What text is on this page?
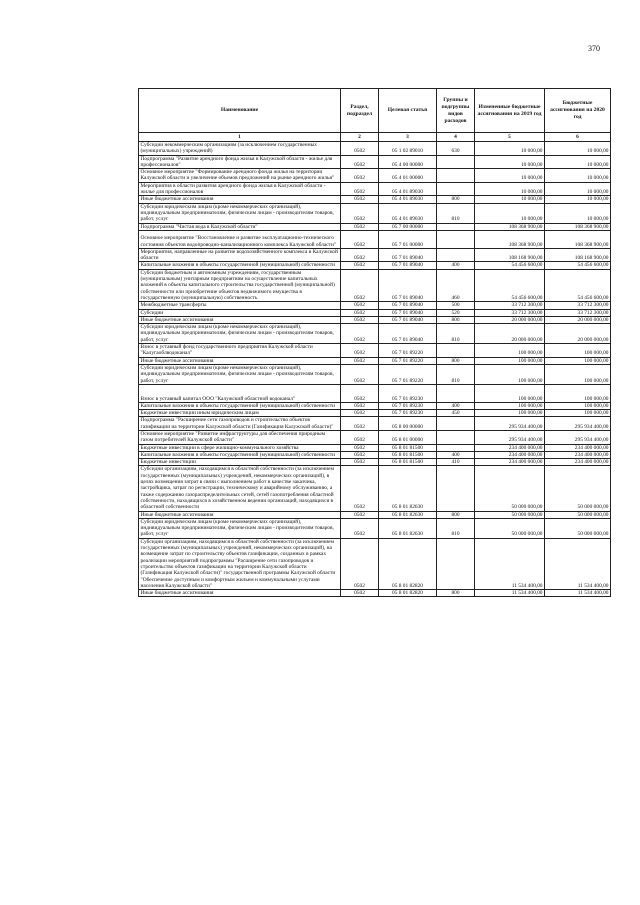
370
Наименование	Раздел, подраздел	Целевая статья	Группы и подгруппы видов расходов	Измененные бюджетные ассигнования на 2019 год	Бюджетные ассигнования на 2020 год
1	2	3	4	5	6
Субсидии некоммерческим организациям (за исключением государственных (муниципальных) учреждений)	0502	05 1 02 89010	630	10 000,00	10 000,00
Подпрограмма "Развитие арендного фонда жилья в Калужской области - жилье для профессионалов"	0502	05 4 00 00000		10 000,00	10 000,00
Основное мероприятие "Формирование арендного фонда жилья на территории Калужской области и увеличение объемов предложений на рынке арендного жилья"	0502	05 4 01 00000		10 000,00	10 000,00
Мероприятия в области развития арендного фонда жилья в Калужской области - жилье для профессионалов	0502	05 4 01 89030		10 000,00	10 000,00
Иные бюджетные ассигнования	0502	05 4 01 89030	800	10 000,00	10 000,00
Субсидии юридическим лицам (кроме некоммерческих организаций), индивидуальным предпринимателям, физическим лицам - производителям товаров, работ, услуг	0502	05 4 01 89030	810	10 000,00	10 000,00
Подпрограмма "Чистая вода в Калужской области"	0502	05 7 00 00000		108 368 900,00	108 368 900,00
Основное мероприятие "Восстановление и развитие эксплуатационно-технического состояния объектов водопроводно-канализационного комплекса Калужской области"	0502	05 7 01 00000		108 368 900,00	108 368 900,00
Мероприятия, направленные на развитие водохозяйственного комплекса в Калужской области	0502	05 7 01 89040		108 168 900,00	108 168 900,00
Капитальные вложения в объекты государственной (муниципальной) собственности	0502	05 7 01 89040	400	54 456 600,00	54 456 600,00
Субсидии бюджетным и автономным учреждениям, государственным (муниципальным) унитарным предприятиям на осуществление капитальных вложений в объекты капитального строительства государственной (муниципальной) собственности или приобретение объектов недвижимого имущества в государственную (муниципальную) собственность	0502	05 7 01 89040	460	54 456 600,00	54 456 600,00
Межбюджетные трансферты	0502	05 7 01 89040	500	33 712 300,00	33 712 300,00
Субсидии	0502	05 7 01 89040	520	33 712 300,00	33 712 300,00
Иные бюджетные ассигнования	0502	05 7 01 89040	800	20 000 000,00	20 000 000,00
Субсидии юридическим лицам (кроме некоммерческих организаций), индивидуальным предпринимателям, физическим лицам - производителям товаров, работ, услуг	0502	05 7 01 89040	810	20 000 000,00	20 000 000,00
Взнос в уставный фонд государственного предприятия Калужской области "Калугаоблводоканал"	0502	05 7 01 89220		100 000,00	100 000,00
Иные бюджетные ассигнования	0502	05 7 01 89220	800	100 000,00	100 000,00
Субсидии юридическим лицам (кроме некоммерческих организаций), индивидуальным предпринимателям, физическим лицам - производителям товаров, работ, услуг	0502	05 7 01 89220	810	100 000,00	100 000,00
Взнос в уставный капитал ООО "Калужский областной водоканал"	0502	05 7 01 89230		100 000,00	100 000,00
Капитальные вложения в объекты государственной (муниципальной) собственности	0502	05 7 01 89230	400	100 000,00	100 000,00
Бюджетные инвестиции иным юридическим лицам	0502	05 7 01 89230	450	100 000,00	100 000,00
Подпрограмма "Расширение сети газопроводов и строительство объектов газификации на территории Калужской области (Газификация Калужской области)"	0502	05 8 00 00000		295 934 400,00	295 934 400,00
Основное мероприятие "Развитие инфраструктуры для обеспечения природным газом потребителей Калужской области"	0502	05 8 01 00000		295 934 400,00	295 934 400,00
Бюджетные инвестиции в сфере жилищно-коммунального хозяйства	0502	05 8 01 81500		234 400 000,00	234 400 000,00
Капитальные вложения в объекты государственной (муниципальной) собственности	0502	05 8 01 81500	400	234 400 000,00	234 400 000,00
Бюджетные инвестиции	0502	05 8 01 81500	410	234 400 000,00	234 400 000,00
Субсидии организациям, находящимся в областной собственности (за исключением государственных (муниципальных) учреждений, некоммерческих организаций), в целях возмещения затрат в связи с выполнением работ в качестве заказчика, застройщика, затрат по регистрации, техническому и аварийному обслуживанию, а также содержанию газораспределительных сетей, сетей газопотребления областной собственности, находящихся в хозяйственном ведении организаций, находящихся в областной собственности	0502	05 8 01 82630		50 000 000,00	50 000 000,00
Иные бюджетные ассигнования	0502	05 8 01 82630	800	50 000 000,00	50 000 000,00
Субсидии юридическим лицам (кроме некоммерческих организаций), индивидуальным предпринимателям, физическим лицам - производителям товаров, работ, услуг	0502	05 8 01 82630	810	50 000 000,00	50 000 000,00
Субсидии организациям, находящимся в областной собственности (за исключением государственных (муниципальных) учреждений, некоммерческих организаций), на возмещение затрат по строительству объектов газификации, созданных в рамках реализации мероприятий подпрограммы "Расширение сети газопроводов и строительство объектов газификации на территории Калужской области (Газификация Калужской области)" государственной программы Калужской области "Обеспечение доступным и комфортным жильем и коммунальными услугами населения Калужской области"	0502	05 8 01 82820		11 534 400,00	11 534 400,00
Иные бюджетные ассигнования	0502	05 8 01 82820	800	11 534 400,00	11 534 400,00
